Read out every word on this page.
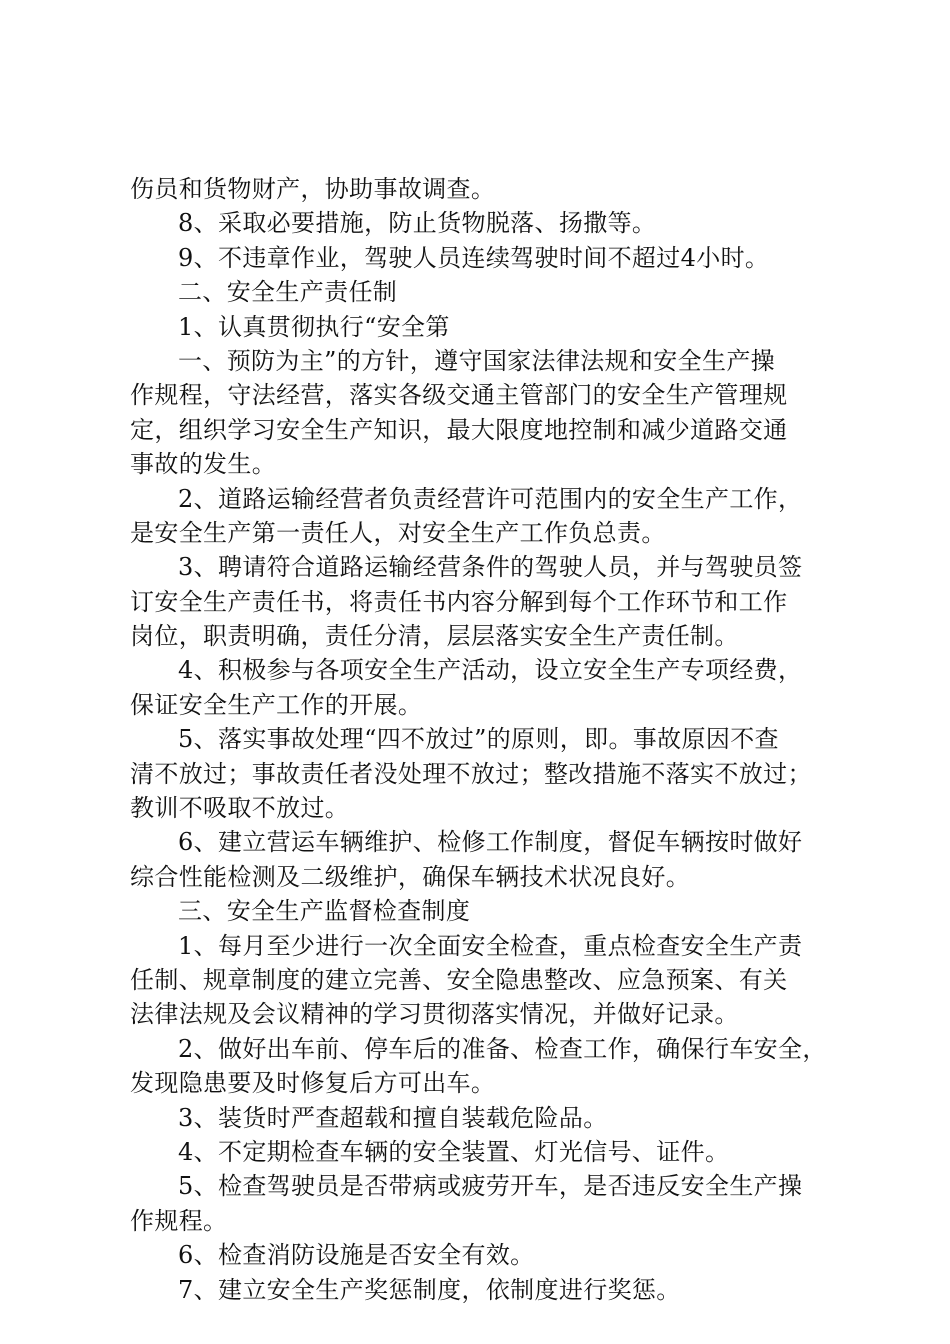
伤员和货物财产，协助事故调查。
8、采取必要措施，防止货物脱落、扬撒等。
9、不违章作业，驾驶人员连续驾驶时间不超过4小时。
二、安全生产责任制
1、认真贯彻执行“安全第
一、预防为主”的方针，遵守国家法律法规和安全生产操
作规程，守法经营，落实各级交通主管部门的安全生产管理规
定，组织学习安全生产知识，最大限度地控制和减少道路交通
事故的发生。
2、道路运输经营者负责经营许可范围内的安全生产工作，
是安全生产第一责任人，对安全生产工作负总责。
3、聘请符合道路运输经营条件的驾驶人员，并与驾驶员签
订安全生产责任书，将责任书内容分解到每个工作环节和工作
岗位，职责明确，责任分清，层层落实安全生产责任制。
4、积极参与各项安全生产活动，设立安全生产专项经费，
保证安全生产工作的开展。
5、落实事故处理“四不放过”的原则，即。事故原因不查
清不放过；事故责任者没处理不放过；整改措施不落实不放过；
教训不吸取不放过。
6、建立营运车辆维护、检修工作制度，督促车辆按时做好
综合性能检测及二级维护，确保车辆技术状况良好。
三、安全生产监督检查制度
1、每月至少进行一次全面安全检查，重点检查安全生产责
任制、规章制度的建立完善、安全隐患整改、应急预案、有关
法律法规及会议精神的学习贯彻落实情况，并做好记录。
2、做好出车前、停车后的准备、检查工作，确保行车安全，
发现隐患要及时修复后方可出车。
3、装货时严查超载和擅自装载危险品。
4、不定期检查车辆的安全装置、灯光信号、证件。
5、检查驾驶员是否带病或疲劳开车，是否违反安全生产操
作规程。
6、检查消防设施是否安全有效。
7、建立安全生产奖惩制度，依制度进行奖惩。
